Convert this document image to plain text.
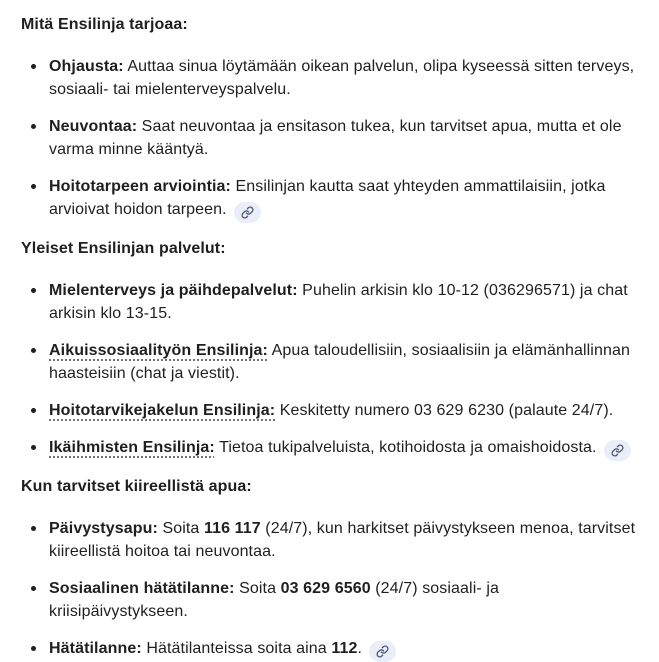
Mitä Ensilinja tarjoaa:
Ohjausta: Auttaa sinua löytämään oikean palvelun, olipa kyseessä sitten terveys, sosiaali- tai mielenterveyspalvelu.
Neuvontaa: Saat neuvontaa ja ensitason tukea, kun tarvitset apua, mutta et ole varma minne kääntyä.
Hoitotarpeen arviointia: Ensilinjan kautta saat yhteyden ammattilaisiin, jotka arvioivat hoidon tarpeen.
Yleiset Ensilinjan palvelut:
Mielenterveys ja päihdepalvelut: Puhelin arkisin klo 10-12 (036296571) ja chat arkisin klo 13-15.
Aikuissosiaalityön Ensilinja: Apua taloudellisiin, sosiaalisiin ja elämänhallinnan haasteisiin (chat ja viestit).
Hoitotarvikejakelun Ensilinja: Keskitetty numero 03 629 6230 (palaute 24/7).
Ikäihmisten Ensilinja: Tietoa tukipalveluista, kotihoidosta ja omaishoidosta.
Kun tarvitset kiireellistä apua:
Päivystysapu: Soita 116 117 (24/7), kun harkitset päivystykseen menoa, tarvitset kiireellistä hoitoa tai neuvontaa.
Sosiaalinen hätätilanne: Soita 03 629 6560 (24/7) sosiaali- ja kriisipäivystykseen.
Hätätilanne: Hätätilanteissa soita aina 112.
